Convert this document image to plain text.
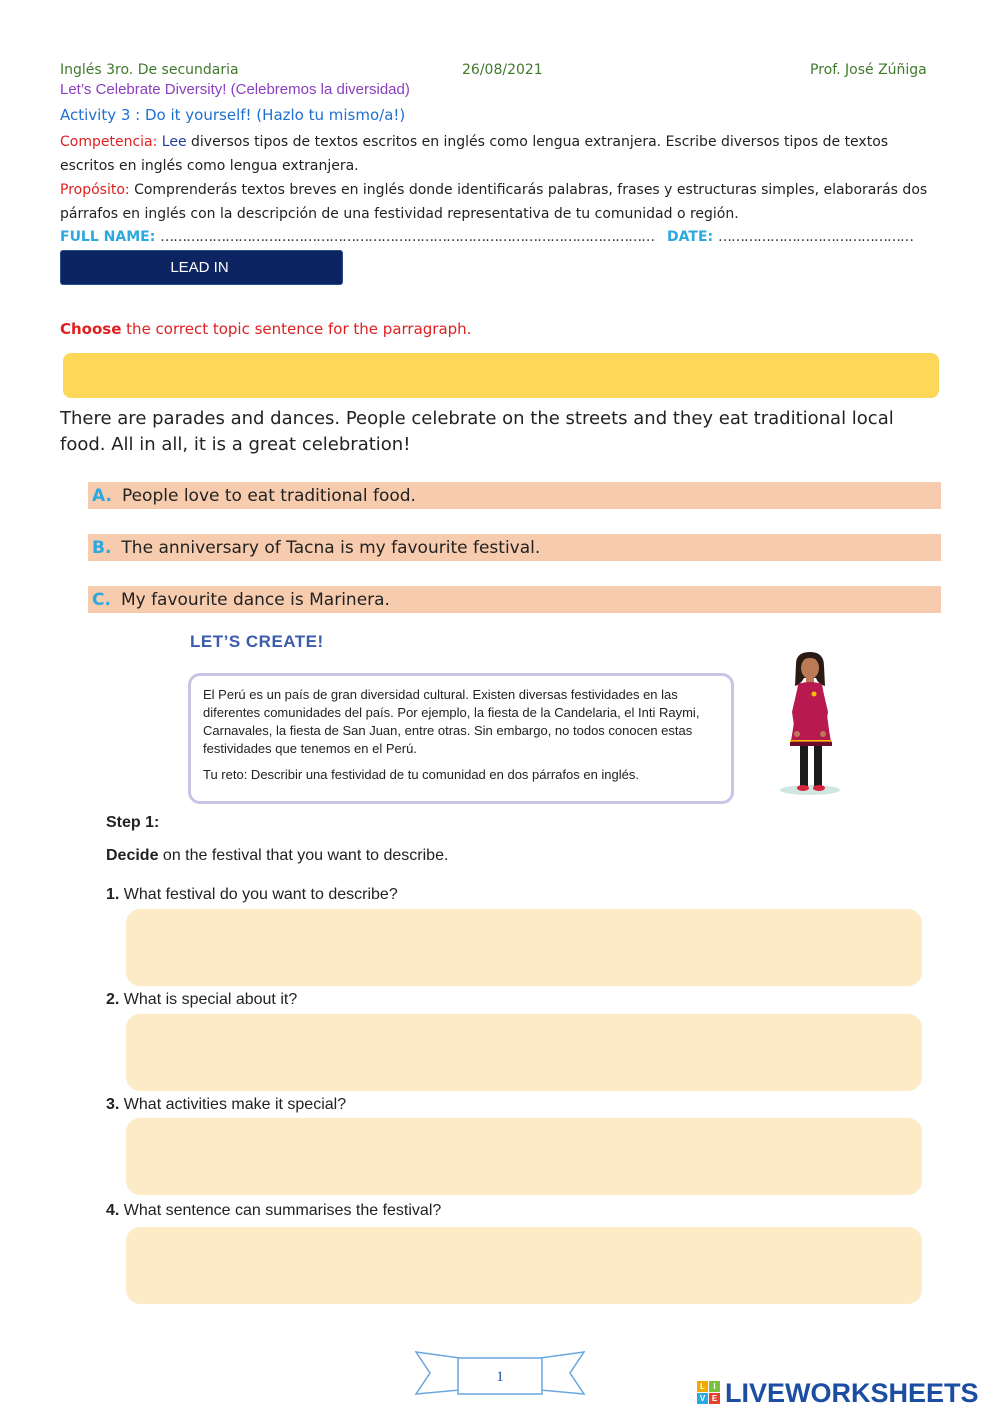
Inglés 3ro. De secundaria	26/08/2021	Prof. José Zúñiga
Let’s Celebrate Diversity! (Celebremos la diversidad)
Activity 3 : Do it yourself! (Hazlo tu mismo/a!)
Competencia: Lee diversos tipos de textos escritos en inglés como lengua extranjera. Escribe diversos tipos de textos escritos en inglés como lengua extranjera.
Propósito: Comprenderás textos breves en inglés donde identificarás palabras, frases y estructuras simples, elaborarás dos párrafos en inglés con la descripción de una festividad representativa de tu comunidad o región.
FULL NAME: …………………………………………………………………………………………………… DATE: ………………………………………
LEAD IN
Choose the correct topic sentence for the parragraph.
There are parades and dances. People celebrate on the streets and they eat traditional local food. All in all, it is a great celebration!
A. People love to eat traditional food.
B. The anniversary of Tacna is my favourite festival.
C. My favourite dance is Marinera.
LET’S CREATE!

El Perú es un país de gran diversidad cultural. Existen diversas festividades en las diferentes comunidades del país. Por ejemplo, la fiesta de la Candelaria, el Inti Raymi, Carnavales, la fiesta de San Juan, entre otras. Sin embargo, no todos conocen estas festividades que tenemos en el Perú.

Tu reto: Describir una festividad de tu comunidad en dos párrafos en inglés.

Step 1:
Decide on the festival that you want to describe.
1. What festival do you want to describe?
2. What is special about it?
3. What activities make it special?
4. What sentence can summarises the festival?
1
L	I
V E LIVEWORKSHEETS
